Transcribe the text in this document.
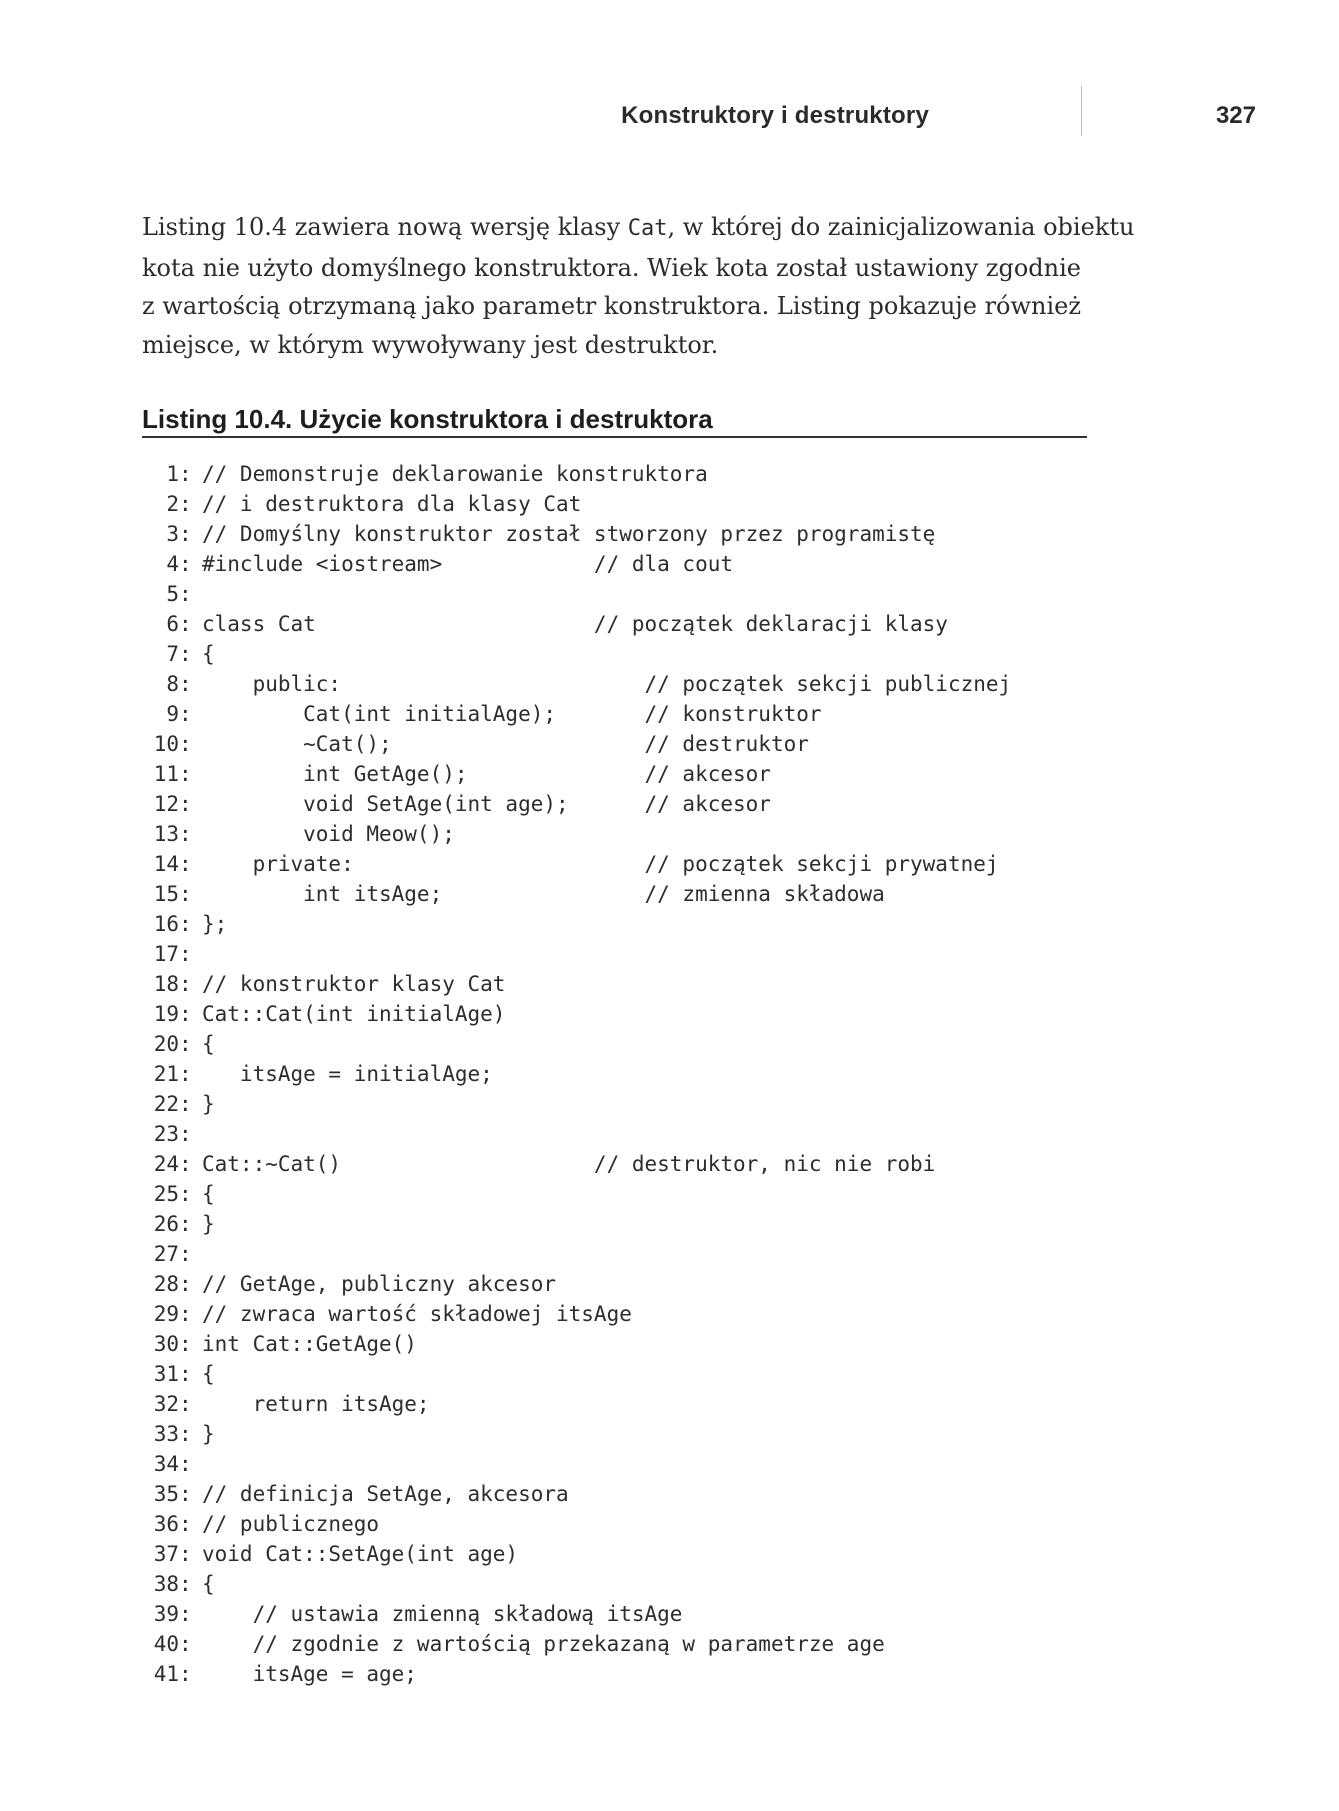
Konstruktory i destruktory	327

Listing 10.4 zawiera nową wersję klasy Cat, w której do zainicjalizowania obiektu
kota nie użyto domyślnego konstruktora. Wiek kota został ustawiony zgodnie
z wartością otrzymaną jako parametr konstruktora. Listing pokazuje również
miejsce, w którym wywoływany jest destruktor.

Listing 10.4. Użycie konstruktora i destruktora
1: // Demonstruje deklarowanie konstruktora
2: // i destruktora dla klasy Cat
3: // Domyślny konstruktor został stworzony przez programistę
4: #include <iostream>            // dla cout
5:
6: class Cat                      // początek deklaracji klasy
7: {
8:    public:                        // początek sekcji publicznej
9:        Cat(int initialAge);       // konstruktor
10:        ~Cat();                    // destruktor
11:        int GetAge();              // akcesor
12:        void SetAge(int age);      // akcesor
13:        void Meow();
14:    private:                       // początek sekcji prywatnej
15:        int itsAge;                // zmienna składowa
16: };
17:
18: // konstruktor klasy Cat
19: Cat::Cat(int initialAge)
20: {
21:   itsAge = initialAge;
22: }
23:
24: Cat::~Cat()                    // destruktor, nic nie robi
25: {
26: }
27:
28: // GetAge, publiczny akcesor
29: // zwraca wartość składowej itsAge
30: int Cat::GetAge()
31: {
32:    return itsAge;
33: }
34:
35: // definicja SetAge, akcesora
36: // publicznego
37: void Cat::SetAge(int age)
38: {
39:    // ustawia zmienną składową itsAge
40:    // zgodnie z wartością przekazaną w parametrze age
41:    itsAge = age;
